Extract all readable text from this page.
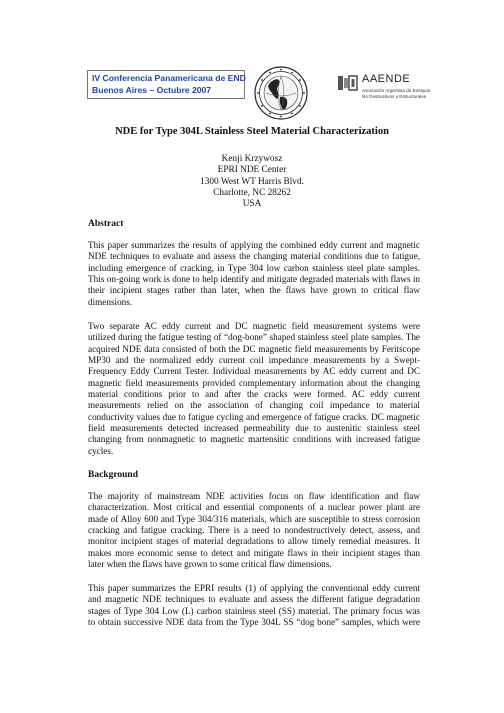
IV Conferencia Panamericana de END
Buenos Aires – Octubre 2007
AAENDE
Asociación Argentina de Ensayos
No Destructivos y Estructurales
NDE for Type 304L Stainless Steel Material Characterization
Kenji Krzywosz
EPRI NDE Center
1300 West WT Harris Blvd.
Charlotte, NC 28262
USA
Abstract
This paper summarizes the results of applying the combined eddy current and magnetic
NDE techniques to evaluate and assess the changing material conditions due to fatigue,
including emergence of cracking, in Type 304 low carbon stainless steel plate samples.
This on-going work is done to help identify and mitigate degraded materials with flaws in
their incipient stages rather than later, when the flaws have grown to critical flaw
dimensions.
Two separate AC eddy current and DC magnetic field measurement systems were
utilized during the fatigue testing of “dog-bone” shaped stainless steel plate samples. The
acquired NDE data consisted of both the DC magnetic field measurements by Feritscope
MP30 and the normalized eddy current coil impedance measurements by a Swept-
Frequency Eddy Current Tester. Individual measurements by AC eddy current and DC
magnetic field measurements provided complementary information about the changing
material conditions prior to and after the cracks were formed. AC eddy current
measurements relied on the association of changing coil impedance to material
conductivity values due to fatigue cycling and emergence of fatigue cracks. DC magnetic
field measurements detected increased permeability due to austenitic stainless steel
changing from nonmagnetic to magnetic martensitic conditions with increased fatigue
cycles.
Background
The majority of mainstream NDE activities focus on flaw identification and flaw
characterization. Most critical and essential components of a nuclear power plant are
made of Alloy 600 and Type 304/316 materials, which are susceptible to stress corrosion
cracking and fatigue cracking. There is a need to nondestructively detect, assess, and
monitor incipient stages of material degradations to allow timely remedial measures. It
makes more economic sense to detect and mitigate flaws in their incipient stages than
later when the flaws have grown to some critical flaw dimensions.
This paper summarizes the EPRI results (1) of applying the conventional eddy current
and magnetic NDE techniques to evaluate and assess the different fatigue degradation
stages of Type 304 Low (L) carbon stainless steel (SS) material. The primary focus was
to obtain successive NDE data from the Type 304L SS “dog bone” samples, which were
